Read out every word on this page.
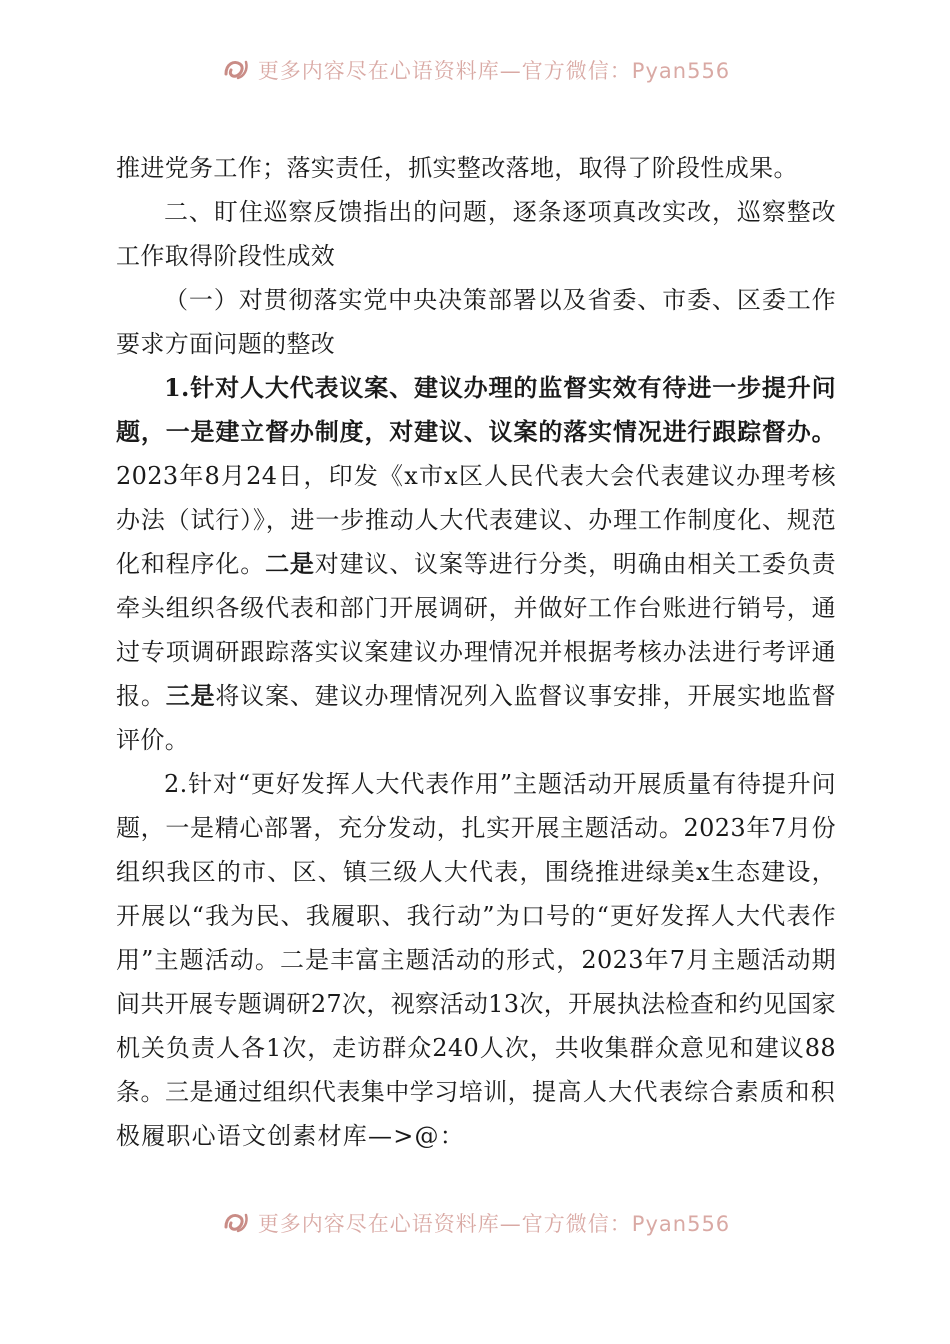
更多内容尽在心语资料库—官方微信：Pyan556

推进党务工作；落实责任，抓实整改落地，取得了阶段性成果。

二、盯住巡察反馈指出的问题，逐条逐项真改实改，巡察整改工作取得阶段性成效

（一）对贯彻落实党中央决策部署以及省委、市委、区委工作要求方面问题的整改

1.针对人大代表议案、建议办理的监督实效有待进一步提升问题，一是建立督办制度，对建议、议案的落实情况进行跟踪督办。2023年8月24日，印发《x市x区人民代表大会代表建议办理考核办法（试行）》，进一步推动人大代表建议、办理工作制度化、规范化和程序化。二是对建议、议案等进行分类，明确由相关工委负责牵头组织各级代表和部门开展调研，并做好工作台账进行销号，通过专项调研跟踪落实议案建议办理情况并根据考核办法进行考评通报。三是将议案、建议办理情况列入监督议事安排，开展实地监督评价。

2.针对“更好发挥人大代表作用”主题活动开展质量有待提升问题，一是精心部署，充分发动，扎实开展主题活动。2023年7月份组织我区的市、区、镇三级人大代表，围绕推进绿美x生态建设，开展以“我为民、我履职、我行动”为口号的“更好发挥人大代表作用”主题活动。二是丰富主题活动的形式，2023年7月主题活动期间共开展专题调研27次，视察活动13次，开展执法检查和约见国家机关负责人各1次，走访群众240人次，共收集群众意见和建议88条。三是通过组织代表集中学习培训，提高人大代表综合素质和积极履职心语文创素材库—>@：

更多内容尽在心语资料库—官方微信：Pyan556
